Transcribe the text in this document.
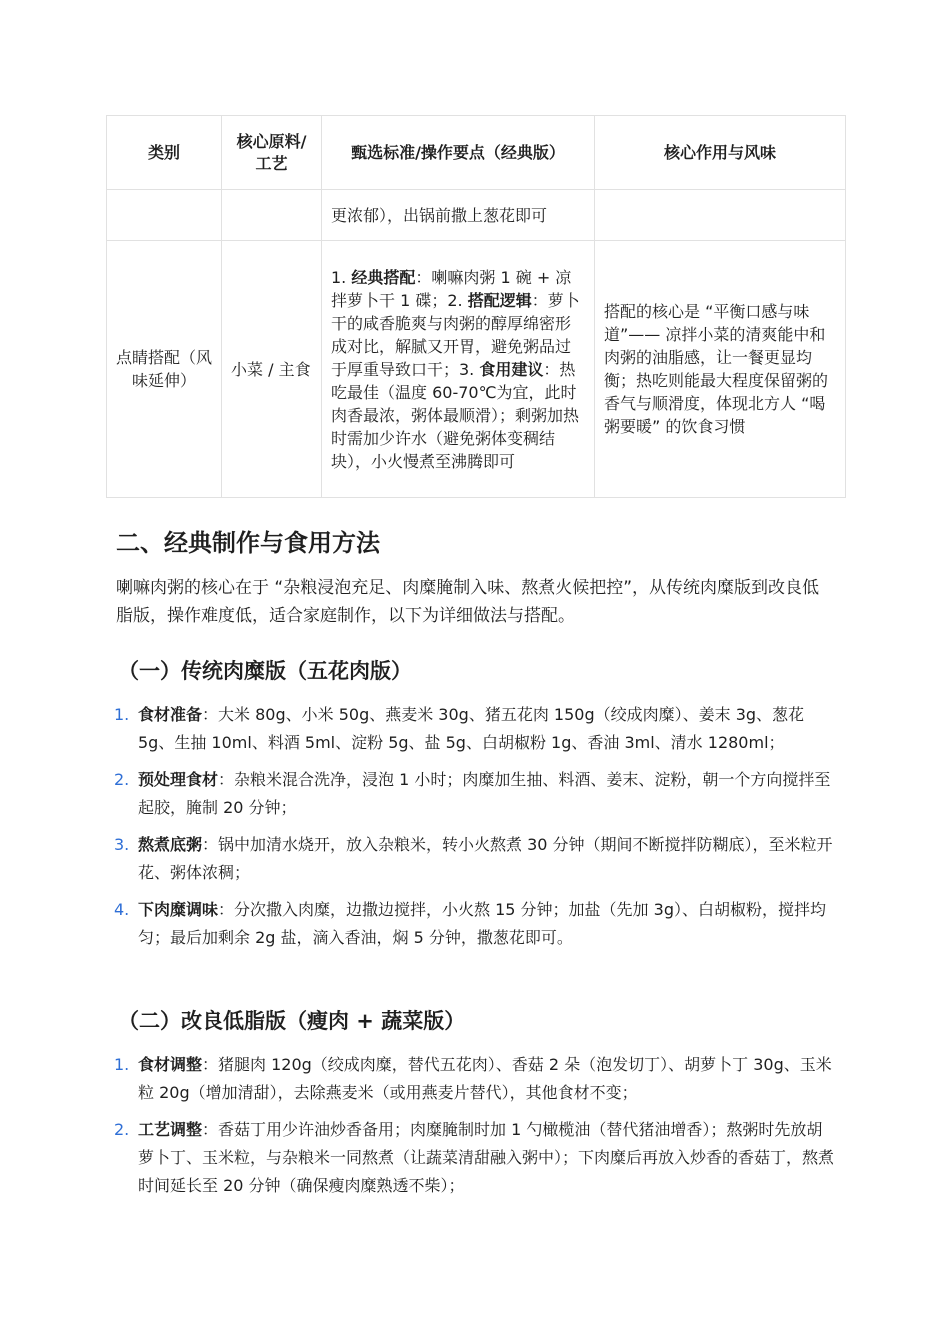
类别	核心原料/工艺	甄选标准/操作要点（经典版）	核心作用与风味
		更浓郁），出锅前撒上葱花即可	
点睛搭配（风味延伸）	小菜 / 主食	1. 经典搭配：喇嘛肉粥 1 碗 + 凉拌萝卜干 1 碟；2. 搭配逻辑：萝卜干的咸香脆爽与肉粥的醇厚绵密形成对比，解腻又开胃，避免粥品过于厚重导致口干；3. 食用建议：热吃最佳（温度 60-70℃为宜，此时肉香最浓，粥体最顺滑）；剩粥加热时需加少许水（避免粥体变稠结块），小火慢煮至沸腾即可	搭配的核心是 “平衡口感与味道”—— 凉拌小菜的清爽能中和肉粥的油脂感，让一餐更显均衡；热吃则能最大程度保留粥的香气与顺滑度，体现北方人 “喝粥要暖” 的饮食习惯
二、经典制作与食用方法

喇嘛肉粥的核心在于 “杂粮浸泡充足、肉糜腌制入味、熬煮火候把控”，从传统肉糜版到改良低脂版，操作难度低，适合家庭制作，以下为详细做法与搭配。

（一）传统肉糜版（五花肉版）
1. 食材准备：大米 80g、小米 50g、燕麦米 30g、猪五花肉 150g（绞成肉糜）、姜末 3g、葱花 5g、生抽 10ml、料酒 5ml、淀粉 5g、盐 5g、白胡椒粉 1g、香油 3ml、清水 1280ml；
2. 预处理食材：杂粮米混合洗净，浸泡 1 小时；肉糜加生抽、料酒、姜末、淀粉，朝一个方向搅拌至起胶，腌制 20 分钟；
3. 熬煮底粥：锅中加清水烧开，放入杂粮米，转小火熬煮 30 分钟（期间不断搅拌防糊底），至米粒开花、粥体浓稠；
4. 下肉糜调味：分次撒入肉糜，边撒边搅拌，小火熬 15 分钟；加盐（先加 3g）、白胡椒粉，搅拌均匀；最后加剩余 2g 盐，滴入香油，焖 5 分钟，撒葱花即可。
（二）改良低脂版（瘦肉 + 蔬菜版）
1. 食材调整：猪腿肉 120g（绞成肉糜，替代五花肉）、香菇 2 朵（泡发切丁）、胡萝卜丁 30g、玉米粒 20g（增加清甜），去除燕麦米（或用燕麦片替代），其他食材不变；
2. 工艺调整：香菇丁用少许油炒香备用；肉糜腌制时加 1 勺橄榄油（替代猪油增香）；熬粥时先放胡萝卜丁、玉米粒，与杂粮米一同熬煮（让蔬菜清甜融入粥中）；下肉糜后再放入炒香的香菇丁，熬煮时间延长至 20 分钟（确保瘦肉糜熟透不柴）；
